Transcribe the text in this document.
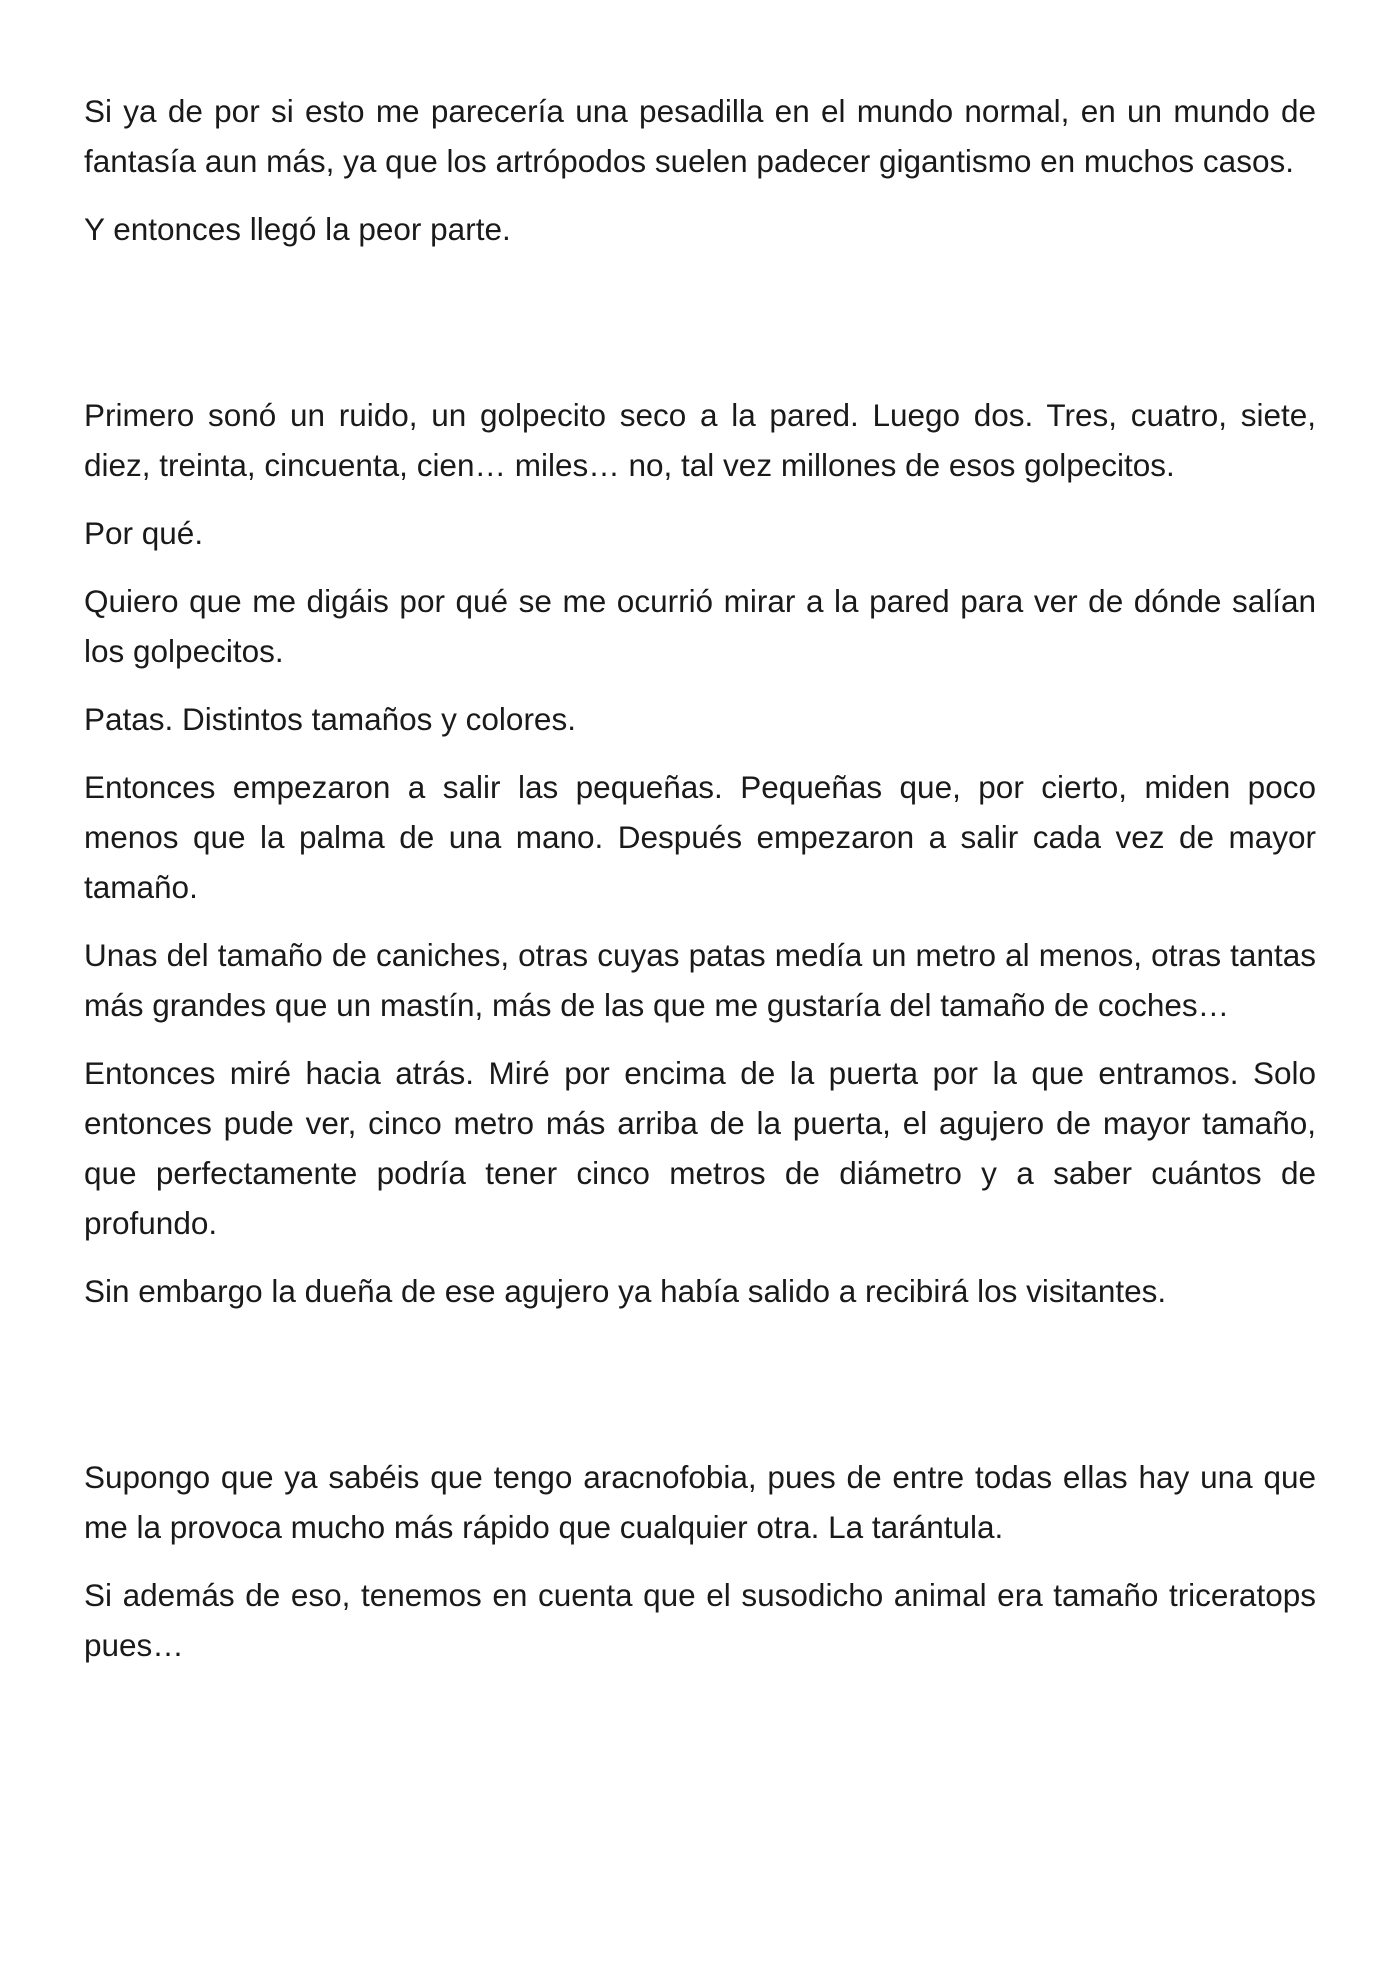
Si ya de por si esto me parecería una pesadilla en el mundo normal, en un mundo de fantasía aun más, ya que los artrópodos suelen padecer gigantismo en muchos casos.

Y entonces llegó la peor parte.

Primero sonó un ruido, un golpecito seco a la pared. Luego dos. Tres, cuatro, siete, diez, treinta, cincuenta, cien… miles… no, tal vez millones de esos golpecitos.

Por qué.

Quiero que me digáis por qué se me ocurrió mirar a la pared para ver de dónde salían los golpecitos.

Patas. Distintos tamaños y colores.

Entonces empezaron a salir las pequeñas. Pequeñas que, por cierto, miden poco menos que la palma de una mano. Después empezaron a salir cada vez de mayor tamaño.

Unas del tamaño de caniches, otras cuyas patas medía un metro al menos, otras tantas más grandes que un mastín, más de las que me gustaría del tamaño de coches…

Entonces miré hacia atrás. Miré por encima de la puerta por la que entramos. Solo entonces pude ver, cinco metro más arriba de la puerta, el agujero de mayor tamaño, que perfectamente podría tener cinco metros de diámetro y a saber cuántos de profundo.

Sin embargo la dueña de ese agujero ya había salido a recibirá los visitantes.

Supongo que ya sabéis que tengo aracnofobia, pues de entre todas ellas hay una que me la provoca mucho más rápido que cualquier otra. La tarántula.

Si además de eso, tenemos en cuenta que el susodicho animal era tamaño triceratops pues…
